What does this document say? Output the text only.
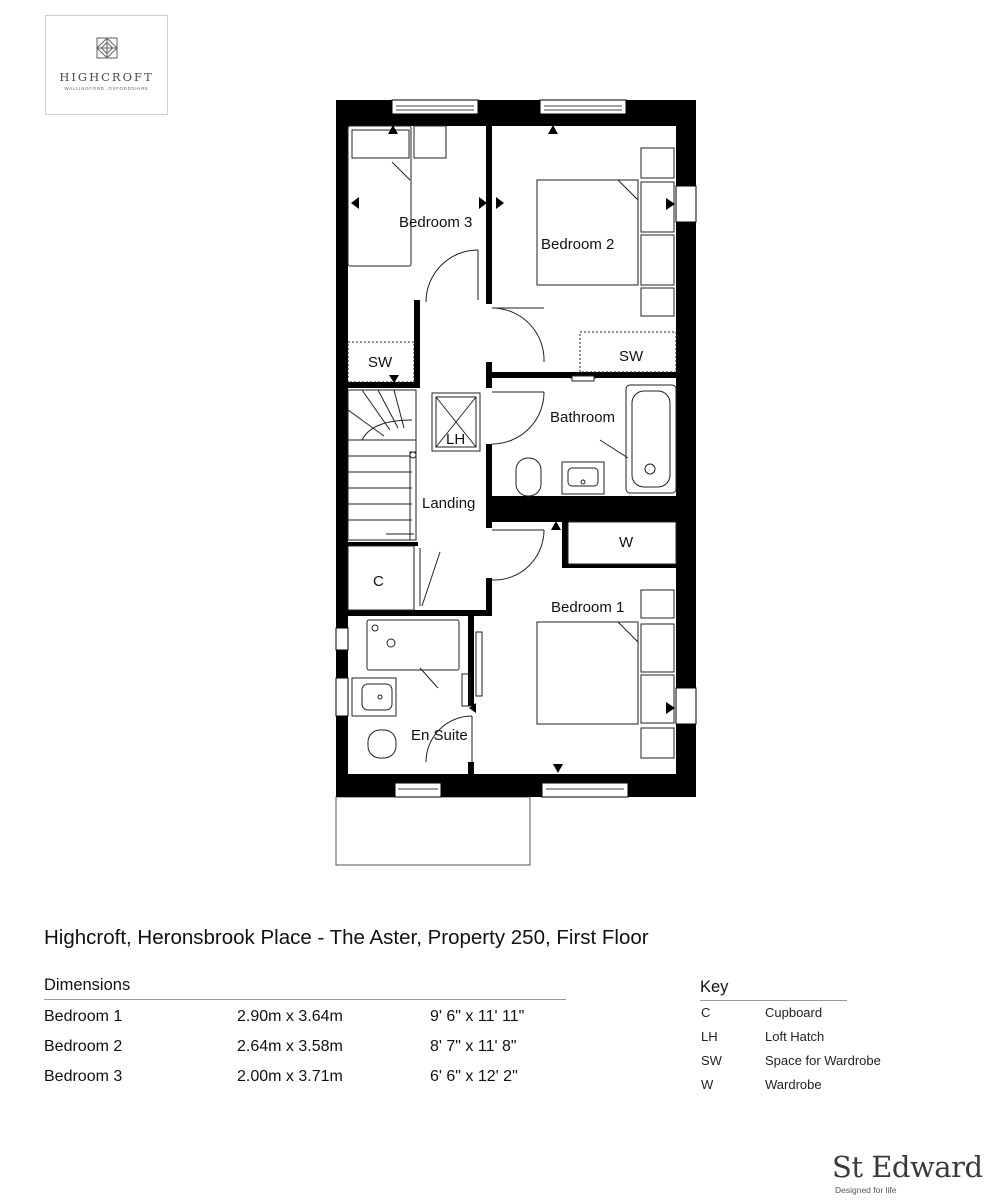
HIGHCROFT
WALLINGFORD, OXFORDSHIRE
Bedroom 3
Bedroom 2
Bathroom
Landing
Bedroom 1
En Suite
SW	SW
LH
C
W
Highcroft, Heronsbrook Place - The Aster, Property 250, First Floor
Dimensions
Bedroom 1	2.90m x 3.64m	9' 6" x 11' 11"
Bedroom 2	2.64m x 3.58m	8' 7" x 11' 8"
Bedroom 3	2.00m x 3.71m	6' 6" x 12' 2"
Key
C	Cupboard
LH	Loft Hatch
SW	Space for Wardrobe
W	Wardrobe
St Edward
Designed for life
